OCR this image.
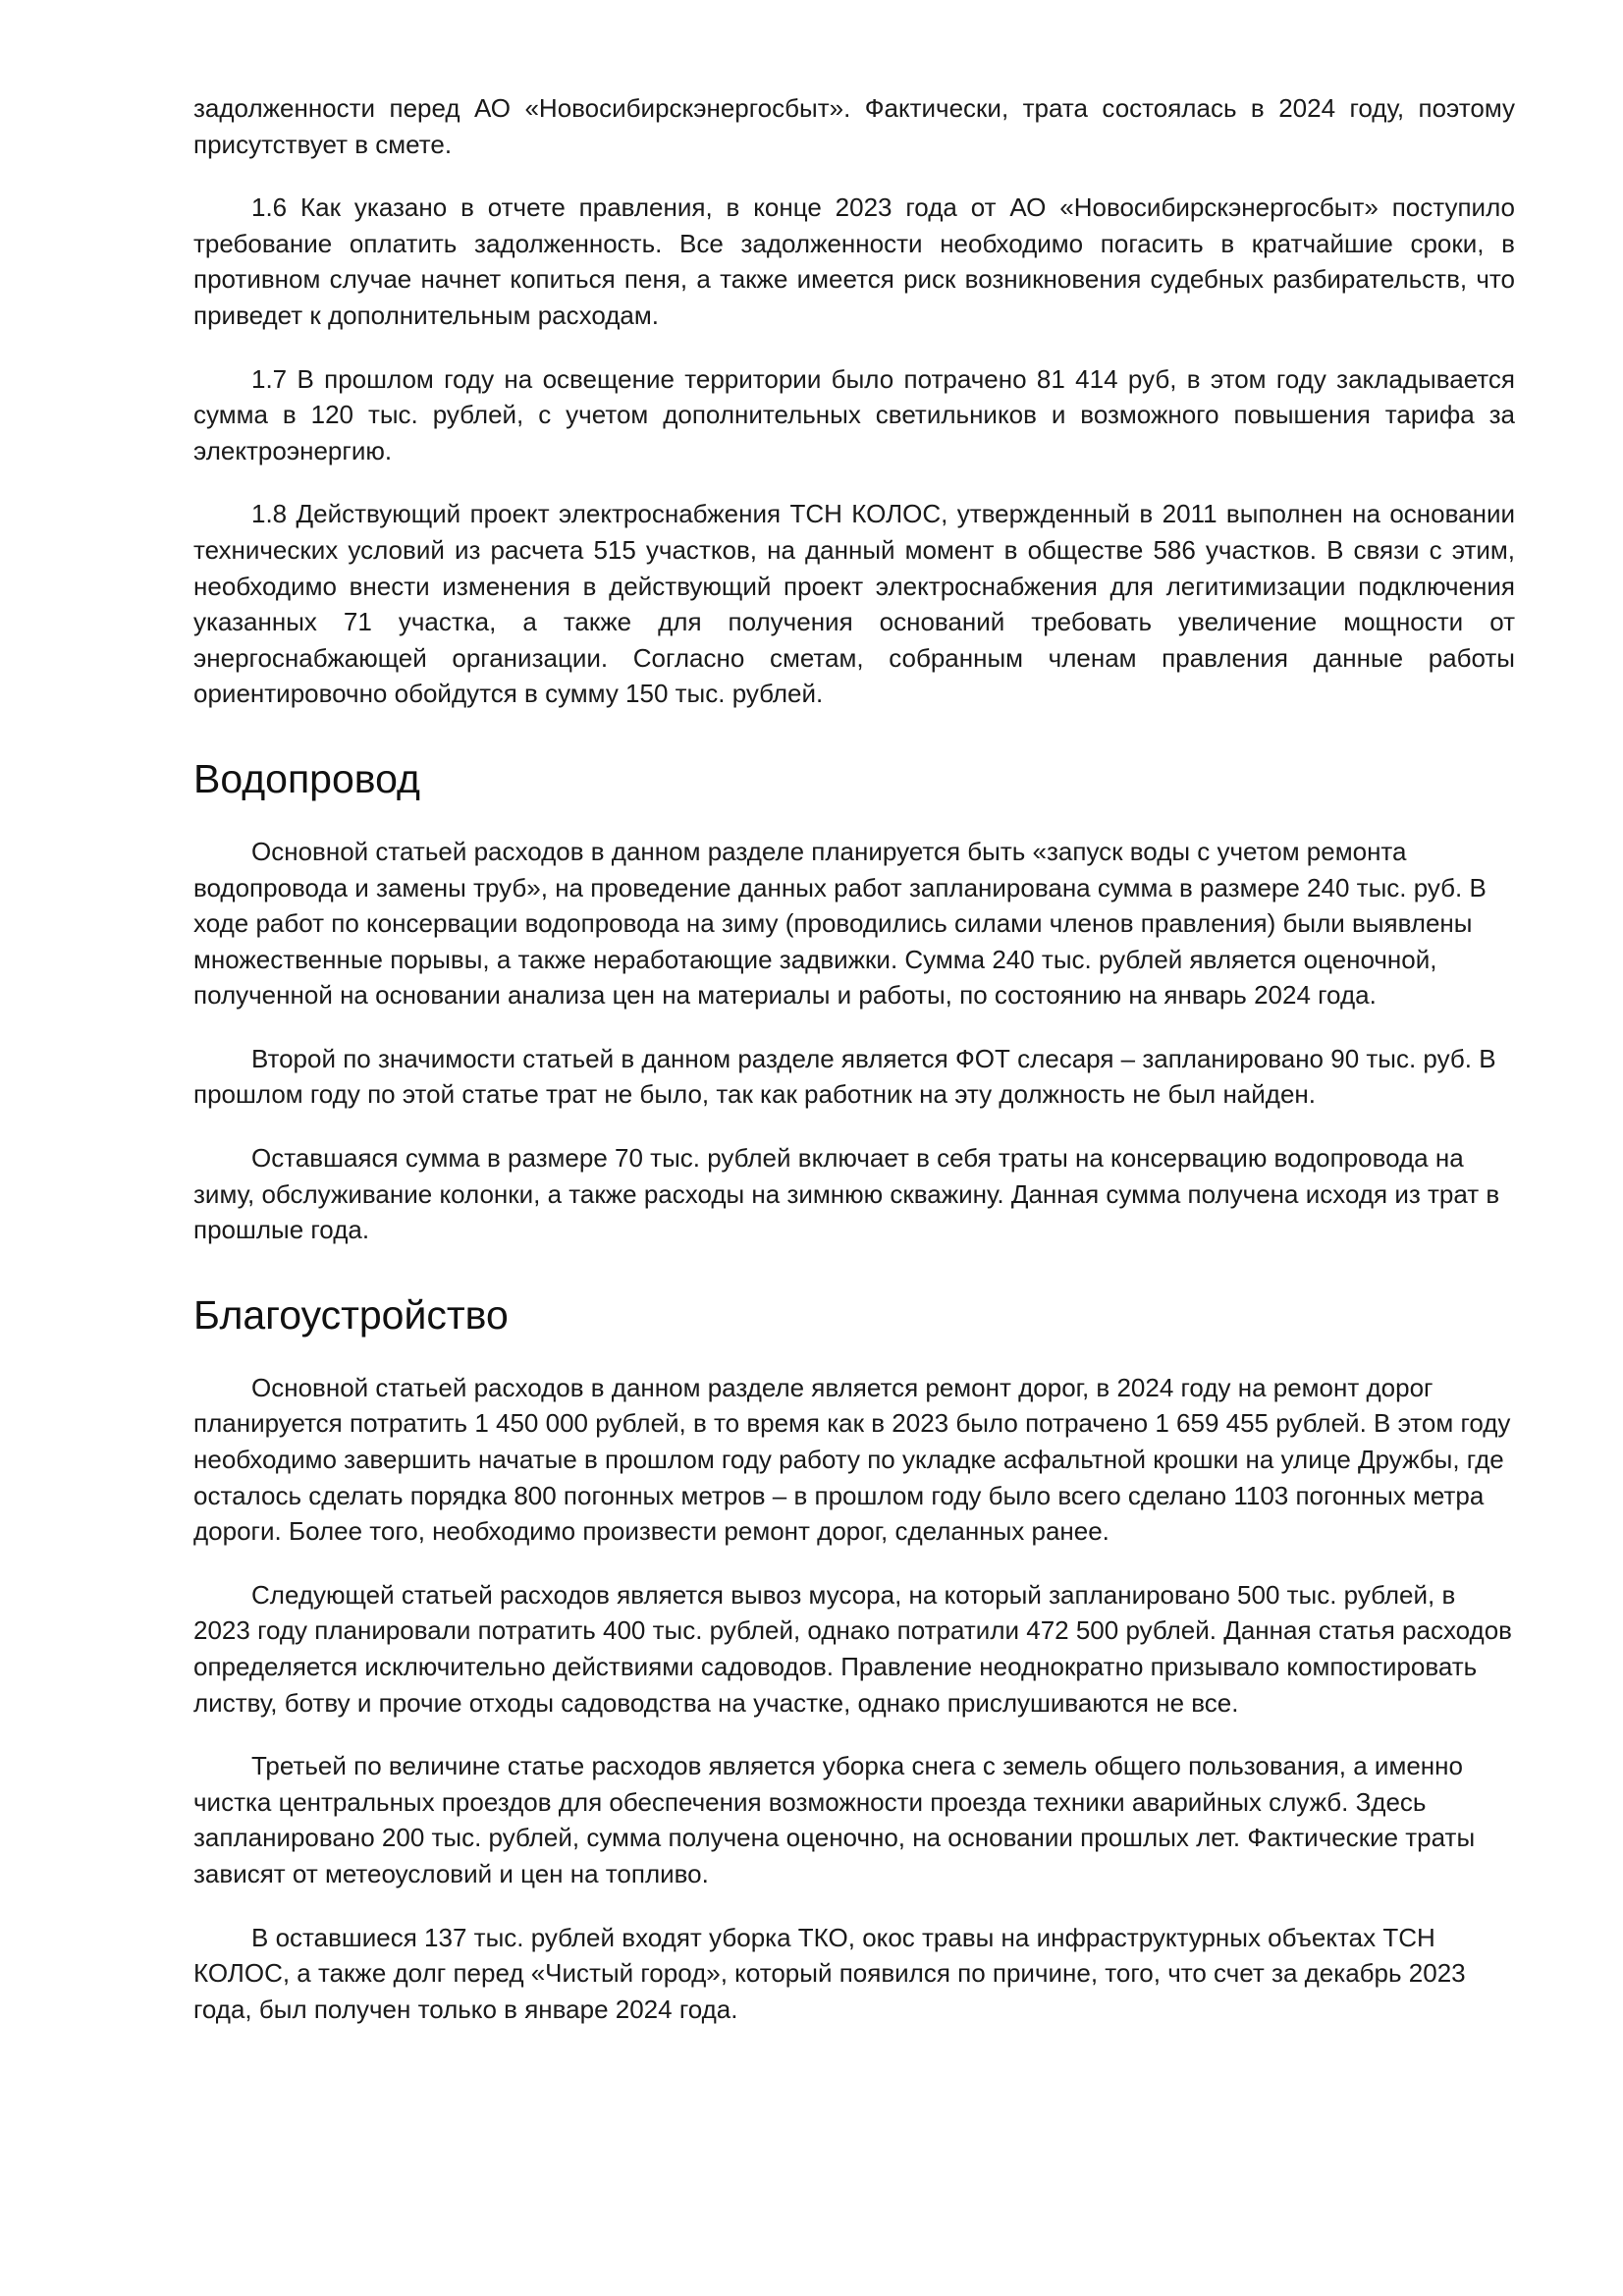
задолженности перед АО «Новосибирскэнергосбыт». Фактически, трата состоялась в 2024 году, поэтому присутствует в смете.

1.6 Как указано в отчете правления, в конце 2023 года от АО «Новосибирскэнергосбыт» поступило требование оплатить задолженность. Все задолженности необходимо погасить в кратчайшие сроки, в противном случае начнет копиться пеня, а также имеется риск возникновения судебных разбирательств, что приведет к дополнительным расходам.

1.7 В прошлом году на освещение территории было потрачено 81 414 руб, в этом году закладывается сумма в 120 тыс. рублей, с учетом дополнительных светильников и возможного повышения тарифа за электроэнергию.

1.8 Действующий проект электроснабжения ТСН КОЛОС, утвержденный в 2011 выполнен на основании технических условий из расчета 515 участков, на данный момент в обществе 586 участков. В связи с этим, необходимо внести изменения в действующий проект электроснабжения для легитимизации подключения указанных 71 участка, а также для получения оснований требовать увеличение мощности от энергоснабжающей организации. Согласно сметам, собранным членам правления данные работы ориентировочно обойдутся в сумму 150 тыс. рублей.

Водопровод

Основной статьей расходов в данном разделе планируется быть «запуск воды с учетом ремонта водопровода и замены труб», на проведение данных работ запланирована сумма в размере 240 тыс. руб. В ходе работ по консервации водопровода на зиму (проводились силами членов правления) были выявлены множественные порывы, а также неработающие задвижки. Сумма 240 тыс. рублей является оценочной, полученной на основании анализа цен на материалы и работы, по состоянию на январь 2024 года.

Второй по значимости статьей в данном разделе является ФОТ слесаря – запланировано 90 тыс. руб. В прошлом году по этой статье трат не было, так как работник на эту должность не был найден.

Оставшаяся сумма в размере 70 тыс. рублей включает в себя траты на консервацию водопровода на зиму, обслуживание колонки, а также расходы на зимнюю скважину. Данная сумма получена исходя из трат в прошлые года.

Благоустройство

Основной статьей расходов в данном разделе является ремонт дорог, в 2024 году на ремонт дорог планируется потратить 1 450 000 рублей, в то время как в 2023 было потрачено 1 659 455 рублей. В этом году необходимо завершить начатые в прошлом году работу по укладке асфальтной крошки на улице Дружбы, где осталось сделать порядка 800 погонных метров – в прошлом году было всего сделано 1103 погонных метра дороги. Более того, необходимо произвести ремонт дорог, сделанных ранее.

Следующей статьей расходов является вывоз мусора, на который запланировано 500 тыс. рублей, в 2023 году планировали потратить 400 тыс. рублей, однако потратили 472 500 рублей. Данная статья расходов определяется исключительно действиями садоводов. Правление неоднократно призывало компостировать листву, ботву и прочие отходы садоводства на участке, однако прислушиваются не все.

Третьей по величине статье расходов является уборка снега с земель общего пользования, а именно чистка центральных проездов для обеспечения возможности проезда техники аварийных служб. Здесь запланировано 200 тыс. рублей, сумма получена оценочно, на основании прошлых лет. Фактические траты зависят от метеоусловий и цен на топливо.

В оставшиеся 137 тыс. рублей входят уборка ТКО, окос травы на инфраструктурных объектах ТСН КОЛОС, а также долг перед «Чистый город», который появился по причине, того, что счет за декабрь 2023 года, был получен только в январе 2024 года.
